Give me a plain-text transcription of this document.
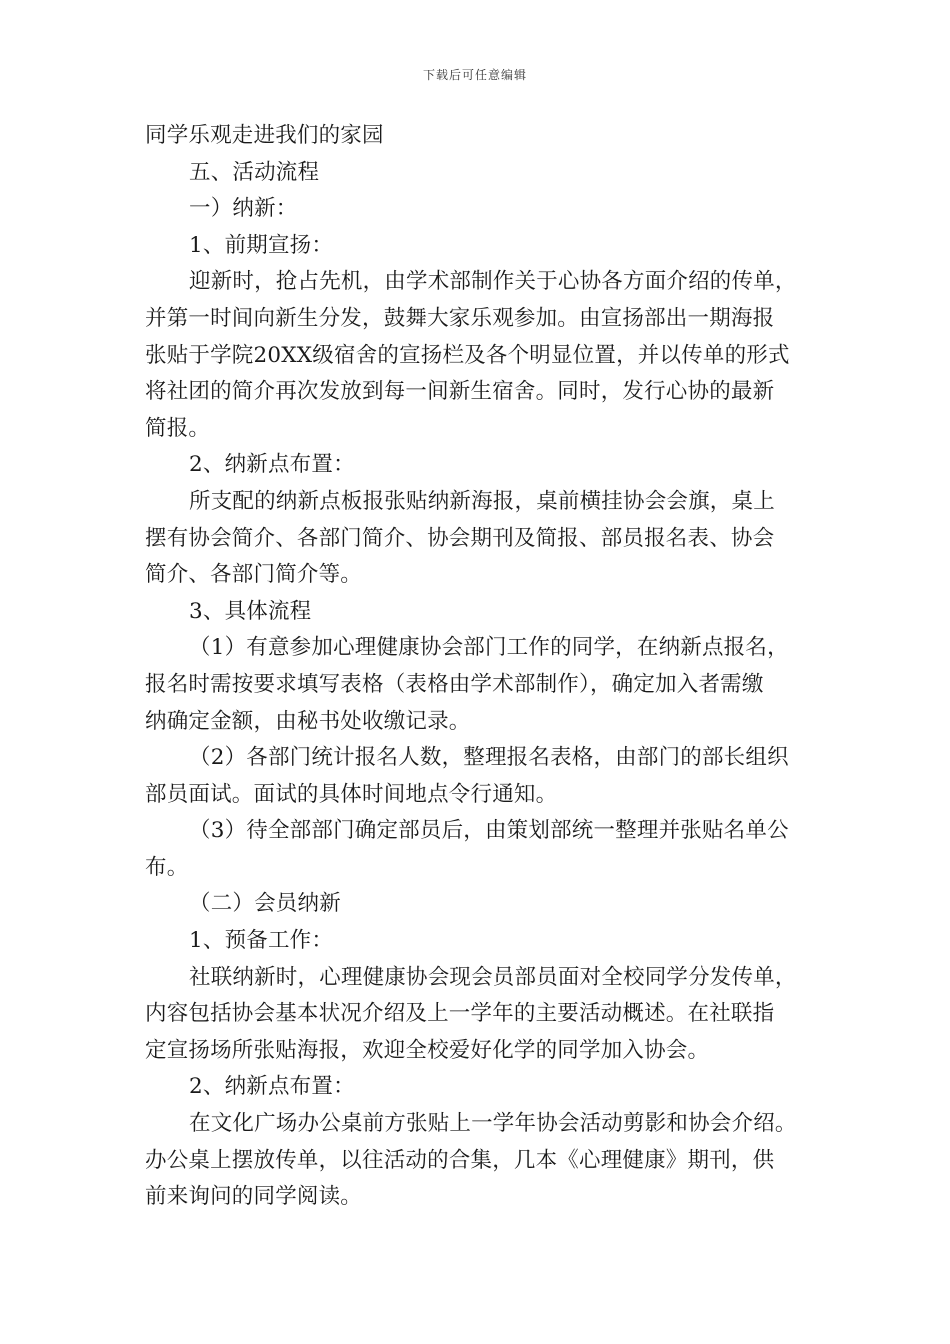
下载后可任意编辑
同学乐观走进我们的家园
五、活动流程
一）纳新：
1、前期宣扬：
迎新时，抢占先机，由学术部制作关于心协各方面介绍的传单，
并第一时间向新生分发，鼓舞大家乐观参加。由宣扬部出一期海报
张贴于学院20XX级宿舍的宣扬栏及各个明显位置，并以传单的形式
将社团的简介再次发放到每一间新生宿舍。同时，发行心协的最新
简报。
2、纳新点布置：
所支配的纳新点板报张贴纳新海报，桌前横挂协会会旗，桌上
摆有协会简介、各部门简介、协会期刊及简报、部员报名表、协会
简介、各部门简介等。
3、具体流程
（1）有意参加心理健康协会部门工作的同学，在纳新点报名，
报名时需按要求填写表格（表格由学术部制作），确定加入者需缴
纳确定金额，由秘书处收缴记录。
（2）各部门统计报名人数，整理报名表格，由部门的部长组织
部员面试。面试的具体时间地点令行通知。
（3）待全部部门确定部员后，由策划部统一整理并张贴名单公
布。
（二）会员纳新
1、预备工作：
社联纳新时，心理健康协会现会员部员面对全校同学分发传单，
内容包括协会基本状况介绍及上一学年的主要活动概述。在社联指
定宣扬场所张贴海报，欢迎全校爱好化学的同学加入协会。
2、纳新点布置：
在文化广场办公桌前方张贴上一学年协会活动剪影和协会介绍。
办公桌上摆放传单，以往活动的合集，几本《心理健康》期刊，供
前来询问的同学阅读。
